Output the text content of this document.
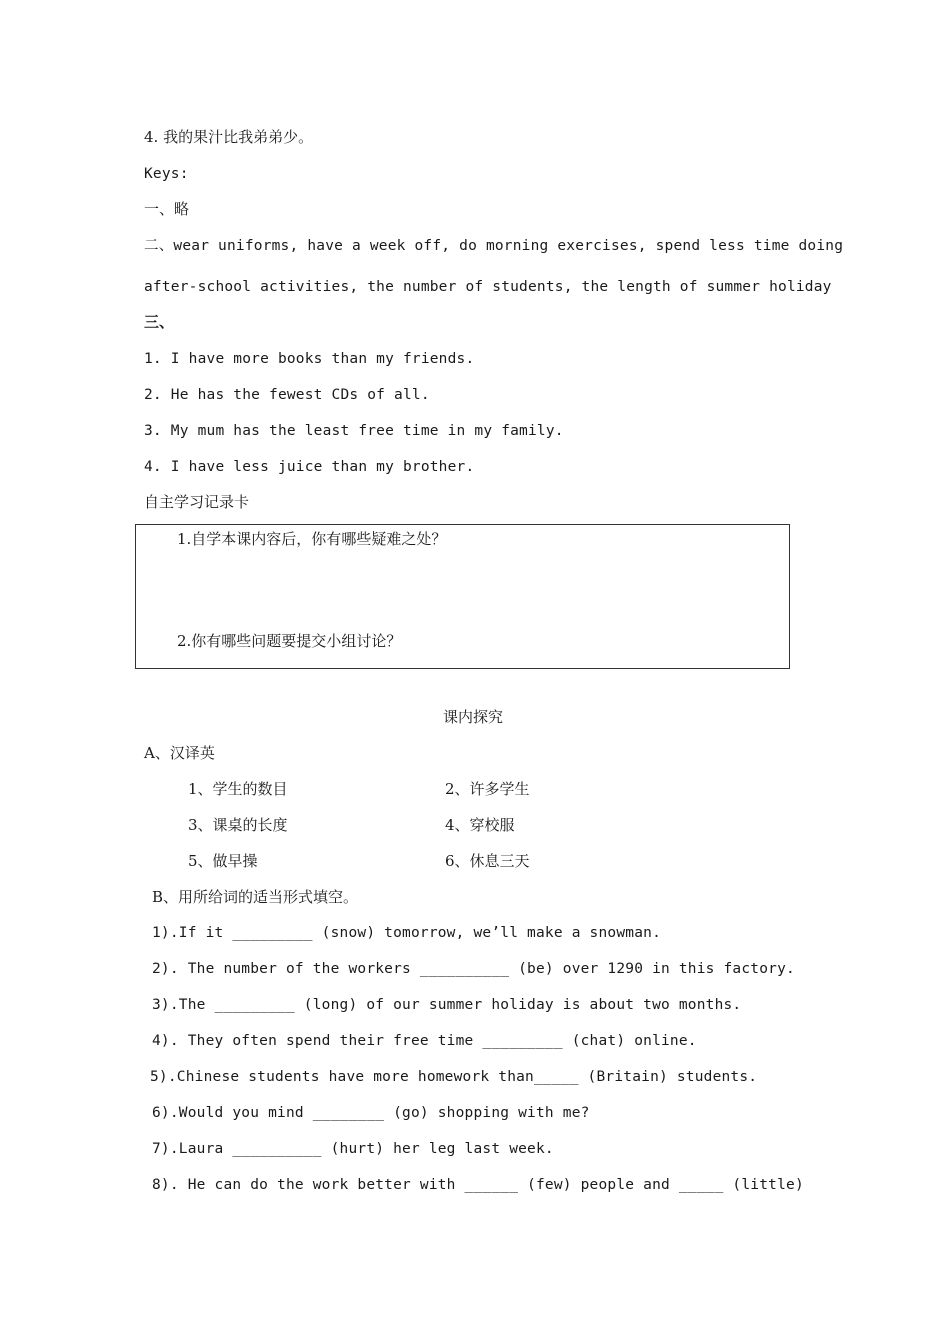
4. 我的果汁比我弟弟少。
Keys:
一、略
二、wear uniforms, have a week off, do morning exercises, spend less time doing
after-school activities, the number of students, the length of summer holiday
三、
1. I have more books than my friends.
2. He has the fewest CDs of all.
3. My mum has the least free time in my family.
4. I have less juice than my brother.
自主学习记录卡
1.自学本课内容后，你有哪些疑难之处？
2.你有哪些问题要提交小组讨论？
课内探究
A、汉译英
1、学生的数目	2、许多学生
3、课桌的长度	4、穿校服
5、做早操	6、休息三天
B、用所给词的适当形式填空。
1).If it _________ (snow) tomorrow, we’ll make a snowman.
2). The number of the workers __________ (be) over 1290 in this factory.
3).The _________ (long) of our summer holiday is about two months.
4). They often spend their free time _________ (chat) online.
5).Chinese students have more homework than_____ (Britain) students.
6).Would you mind ________ (go) shopping with me?
7).Laura __________ (hurt) her leg last week.
8). He can do the work better with ______ (few) people and _____ (little)
